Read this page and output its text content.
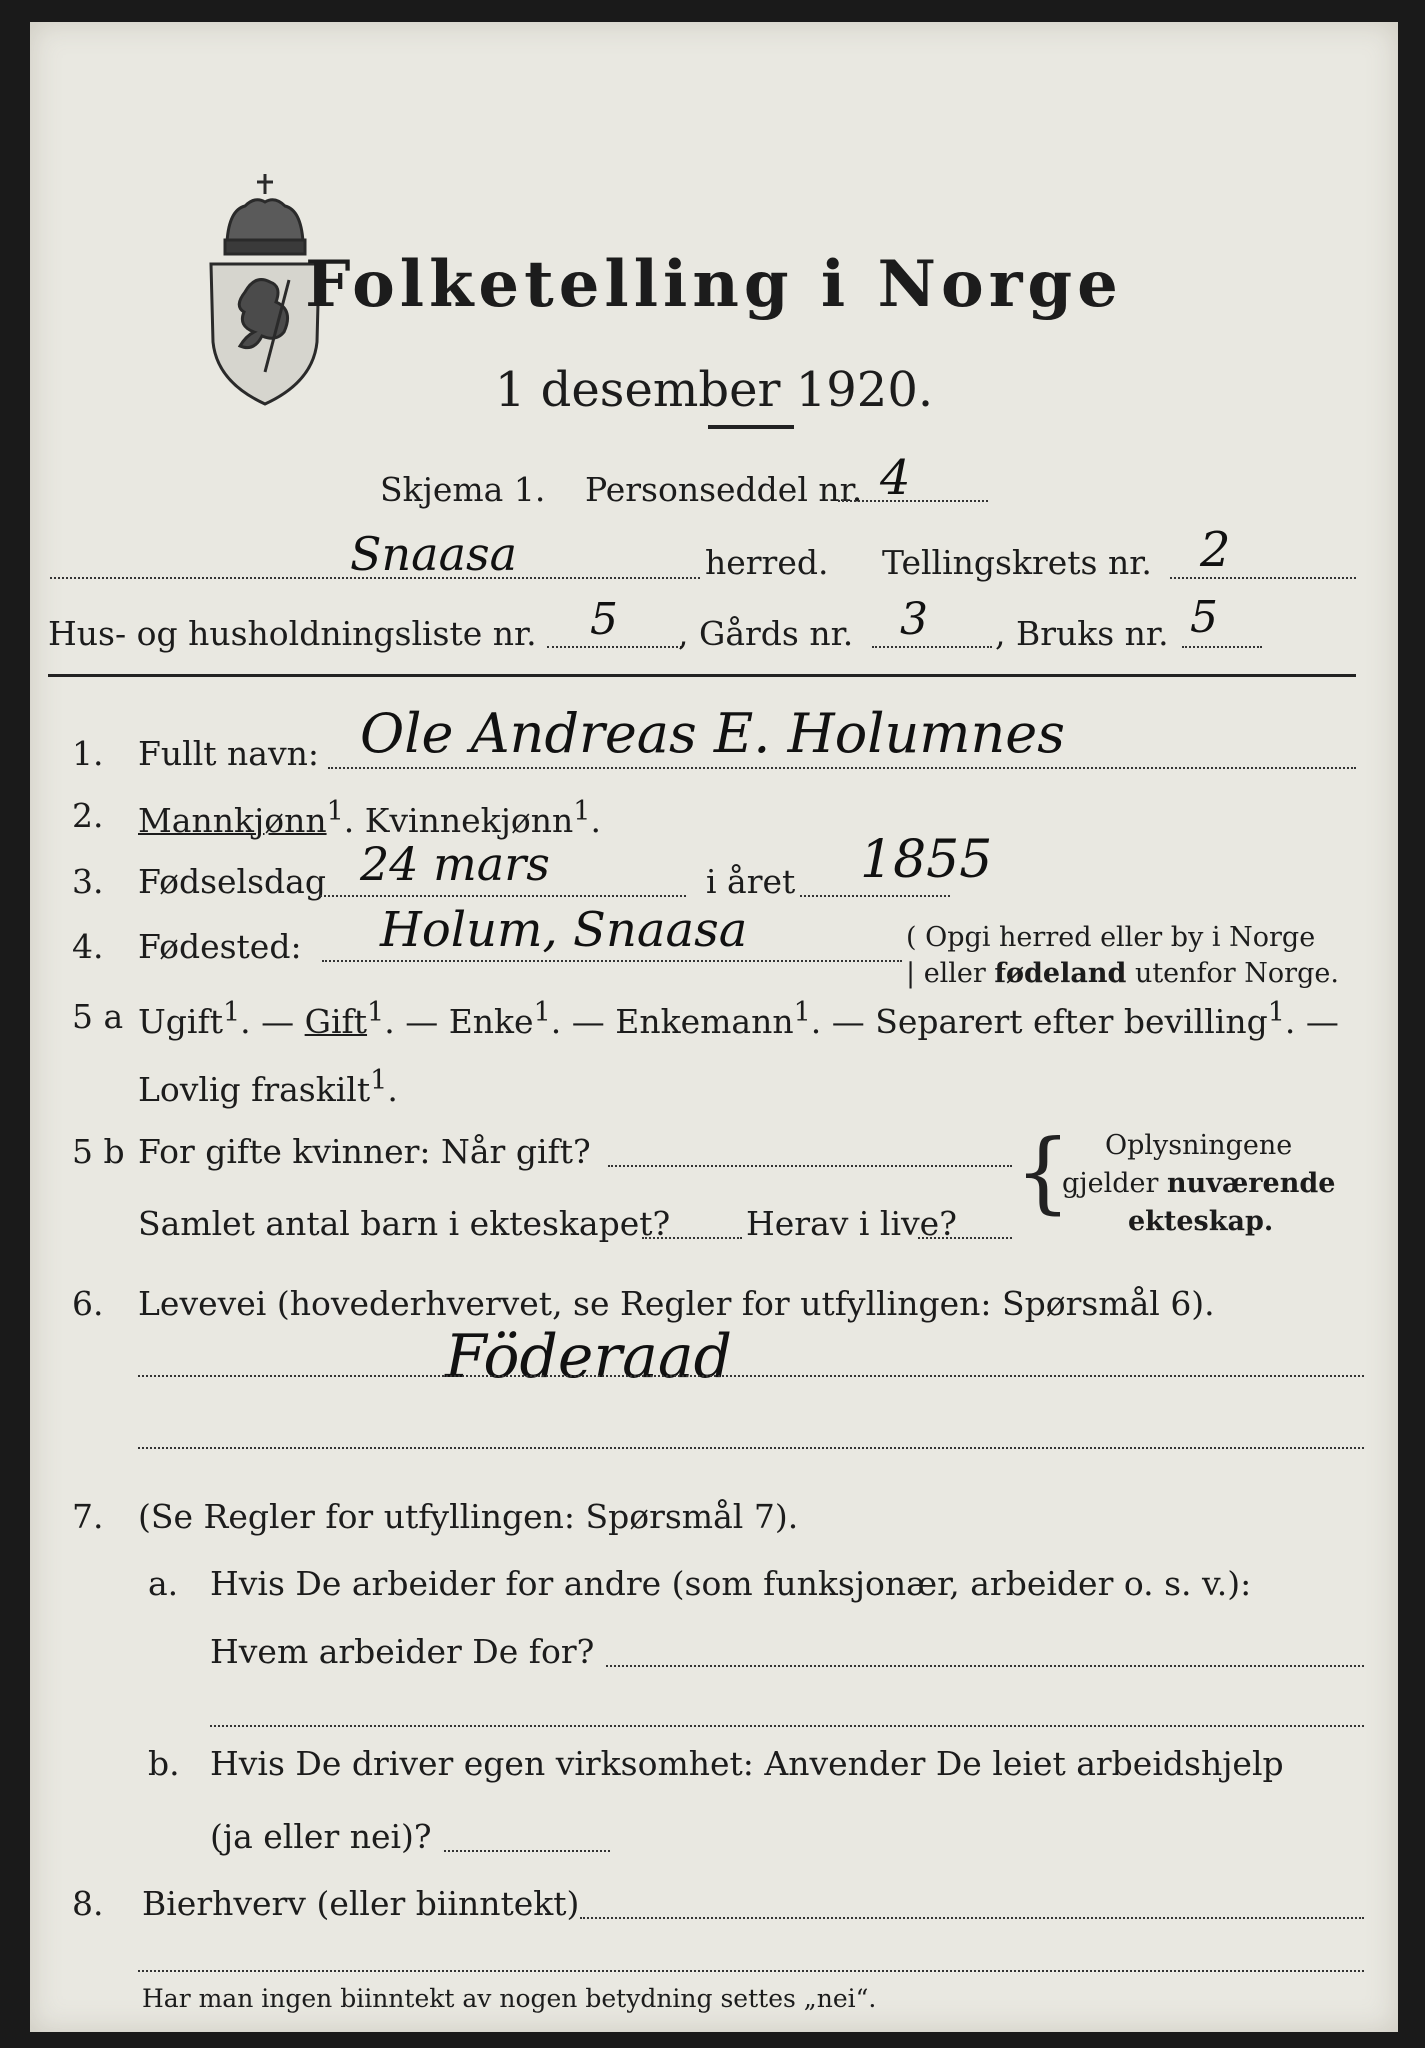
Folketelling i Norge
1 desember 1920.
Skjema 1. Personseddel nr. 4
Snaasa	herred. Tellingskrets nr. 2
Hus- og husholdningsliste nr. 5 , Gårds nr. 3 , Bruks nr. 5
1. Fullt navn: Ole Andreas E. Holumnes
2. Mannkjønn$^1$. Kvinnekjønn$^1$.
3. Fødselsdag 24 mars	i året 1855
4. Fødested: Holum, Snaasa	( Opgi herred eller by i Norge
| eller fødeland utenfor Norge.
5 a Ugift$^1$. — Gift$^1$. — Enke$^1$. — Enkemann$^1$. — Separert efter bevilling$^1$. —
Lovlig fraskilt$^1$.
5 b For gifte kvinner: Når gift?
Samlet antal barn i ekteskapet? Herav i live?
{ Oplysningene
gjelder nuværende
ekteskap.
6. Levevei (hovederhvervet, se Regler for utfyllingen: Spørsmål 6).
Föderaad
7. (Se Regler for utfyllingen: Spørsmål 7).
a. Hvis De arbeider for andre (som funksjonær, arbeider o. s. v.):
Hvem arbeider De for?
b. Hvis De driver egen virksomhet: Anvender De leiet arbeidshjelp
(ja eller nei)?
8. Bierhverv (eller biinntekt)
Har man ingen biinntekt av nogen betydning settes „nei“.
